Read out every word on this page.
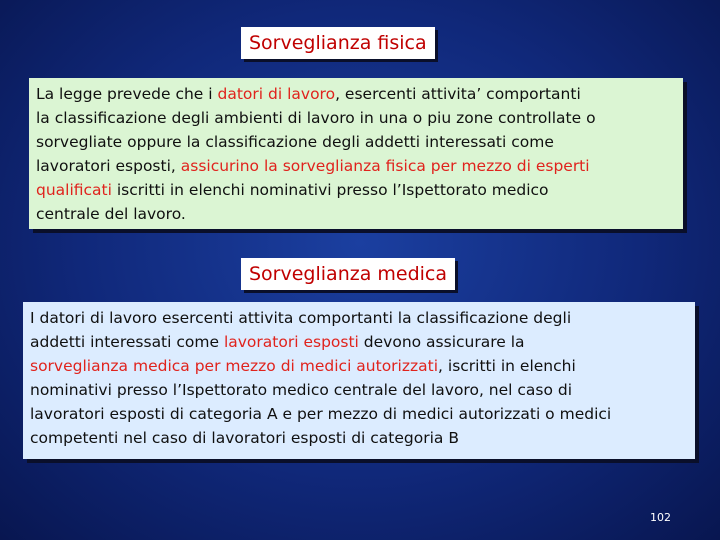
Sorveglianza fisica
La legge prevede che i datori di lavoro, esercenti attivita’ comportanti
la classificazione degli ambienti di lavoro in una o piu zone controllate o
sorvegliate oppure la classificazione degli addetti interessati come
lavoratori esposti, assicurino la sorveglianza fisica per mezzo di esperti
qualificati iscritti in elenchi nominativi presso l’Ispettorato medico
centrale del lavoro.
Sorveglianza medica
I datori di lavoro esercenti attivita comportanti la classificazione degli
addetti interessati come lavoratori esposti devono assicurare la
sorveglianza medica per mezzo di medici autorizzati, iscritti in elenchi
nominativi presso l’Ispettorato medico centrale del lavoro, nel caso di
lavoratori esposti di categoria A e per mezzo di medici autorizzati o medici
competenti nel caso di lavoratori esposti di categoria B
102
